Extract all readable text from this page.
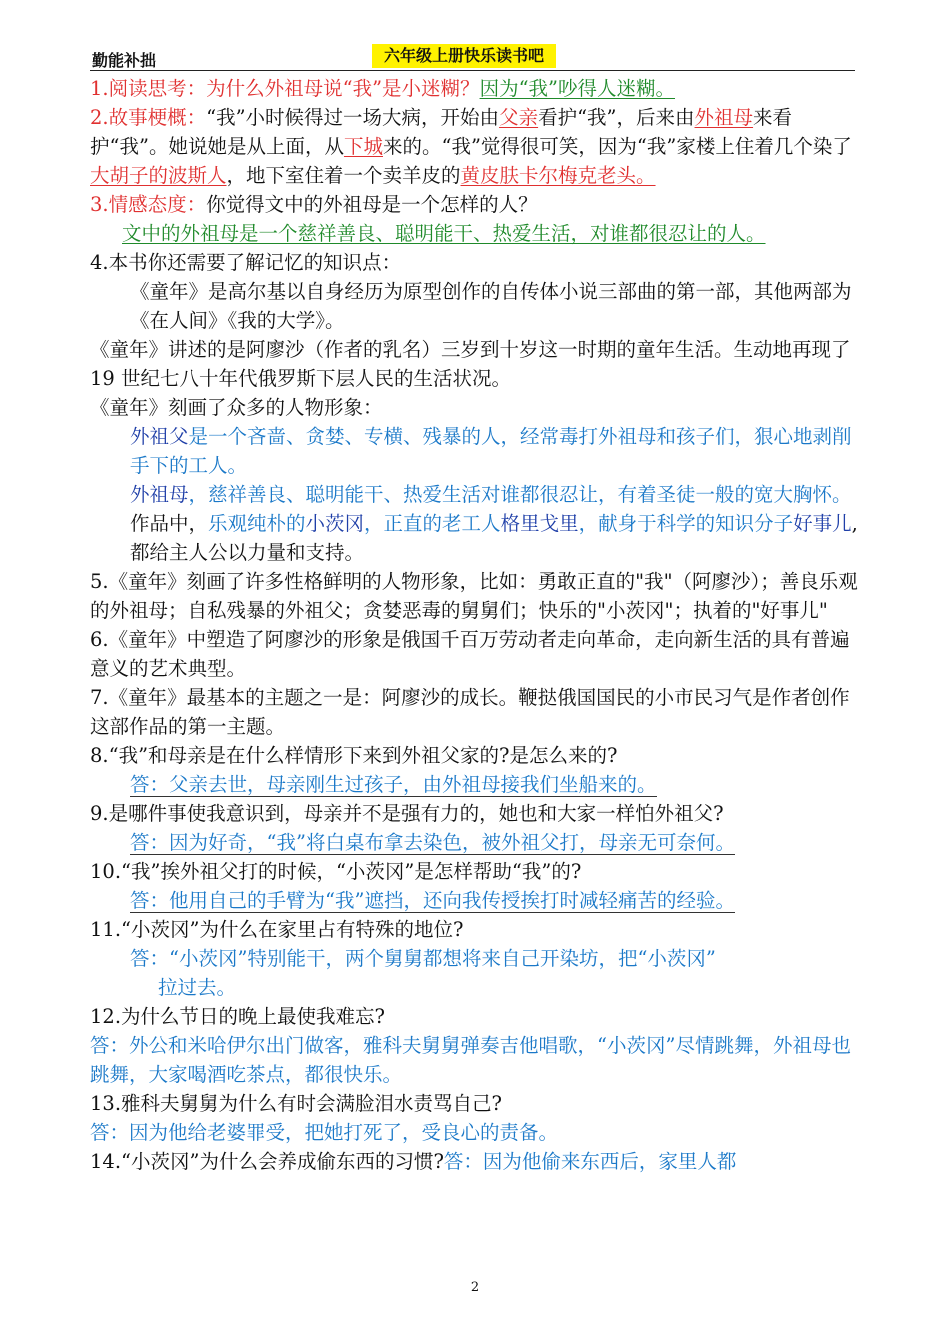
勤能补拙	六年级上册快乐读书吧

1.阅读思考：为什么外祖母说“我”是小迷糊？因为“我”吵得人迷糊。

2.故事梗概：“我”小时候得过一场大病，开始由父亲看护“我”，后来由外祖母来看护“我”。她说她是从上面，从下城来的。“我”觉得很可笑，因为“我”家楼上住着几个染了大胡子的波斯人，地下室住着一个卖羊皮的黄皮肤卡尔梅克老头。

3.情感态度：你觉得文中的外祖母是一个怎样的人？

文中的外祖母是一个慈祥善良、聪明能干、热爱生活，对谁都很忍让的人。

4.本书你还需要了解记忆的知识点：

《童年》是高尔基以自身经历为原型创作的自传体小说三部曲的第一部，其他两部为《在人间》《我的大学》。

《童年》讲述的是阿廖沙（作者的乳名）三岁到十岁这一时期的童年生活。生动地再现了 19 世纪七八十年代俄罗斯下层人民的生活状况。

《童年》刻画了众多的人物形象：

外祖父是一个吝啬、贪婪、专横、残暴的人，经常毒打外祖母和孩子们，狠心地剥削手下的工人。

外祖母，慈祥善良、聪明能干、热爱生活对谁都很忍让，有着圣徒一般的宽大胸怀。

作品中，乐观纯朴的小茨冈，正直的老工人格里戈里，献身于科学的知识分子好事儿,都给主人公以力量和支持。

5.《童年》刻画了许多性格鲜明的人物形象，比如：勇敢正直的"我"（阿廖沙）；善良乐观的外祖母；自私残暴的外祖父；贪婪恶毒的舅舅们；快乐的"小茨冈"；执着的"好事儿"

6.《童年》中塑造了阿廖沙的形象是俄国千百万劳动者走向革命，走向新生活的具有普遍意义的艺术典型。

7.《童年》最基本的主题之一是：阿廖沙的成长。鞭挞俄国国民的小市民习气是作者创作这部作品的第一主题。

8.“我”和母亲是在什么样情形下来到外祖父家的?是怎么来的?

答：父亲去世，母亲刚生过孩子，由外祖母接我们坐船来的。

9.是哪件事使我意识到，母亲并不是强有力的，她也和大家一样怕外祖父?

答：因为好奇，“我”将白桌布拿去染色，被外祖父打，母亲无可奈何。

10.“我”挨外祖父打的时候，“小茨冈”是怎样帮助“我”的?

答：他用自己的手臂为“我”遮挡，还向我传授挨打时减轻痛苦的经验。

11.“小茨冈”为什么在家里占有特殊的地位?

答：“小茨冈”特别能干，两个舅舅都想将来自己开染坊，把“小茨冈”

拉过去。

12.为什么节日的晚上最使我难忘?

答：外公和米哈伊尔出门做客，雅科夫舅舅弹奏吉他唱歌，“小茨冈”尽情跳舞，外祖母也跳舞，大家喝酒吃茶点，都很快乐。

13.雅科夫舅舅为什么有时会满脸泪水责骂自己?

答：因为他给老婆罪受，把她打死了，受良心的责备。

14.“小茨冈”为什么会养成偷东西的习惯?答：因为他偷来东西后，家里人都

2
